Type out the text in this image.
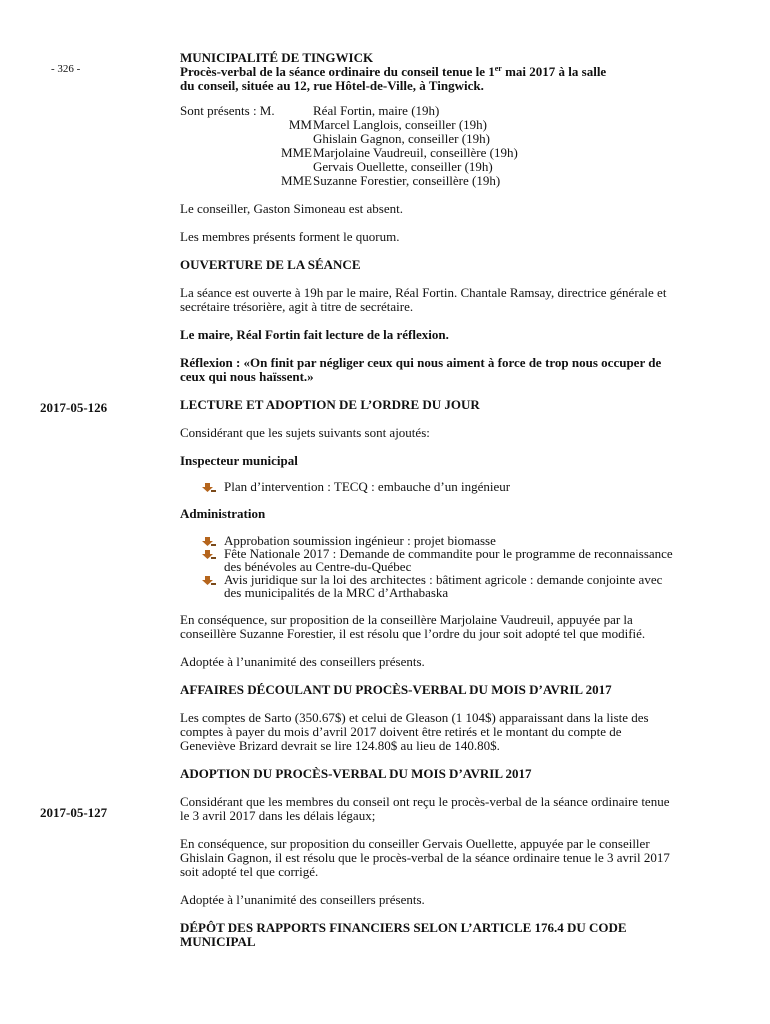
- 326 -
2017-05-126
2017-05-127

MUNICIPALITÉ DE TINGWICK

Procès-verbal de la séance ordinaire du conseil tenue le 1er mai 2017 à la salle

du conseil, située au 12, rue Hôtel-de-Ville, à Tingwick.

Sont présents : M.	Réal Fortin, maire (19h)
MM Marcel Langlois, conseiller (19h)
Ghislain Gagnon, conseiller (19h)
MME Marjolaine Vaudreuil, conseillère (19h)
Gervais Ouellette, conseiller (19h)
MME Suzanne Forestier, conseillère (19h)

Le conseiller, Gaston Simoneau est absent.

Les membres présents forment le quorum.

OUVERTURE DE LA SÉANCE

La séance est ouverte à 19h par le maire, Réal Fortin. Chantale Ramsay, directrice générale et secrétaire trésorière, agit à titre de secrétaire.

Le maire, Réal Fortin fait lecture de la réflexion.

Réflexion : «On finit par négliger ceux qui nous aiment à force de trop nous occuper de ceux qui nous haïssent.»

LECTURE ET ADOPTION DE L’ORDRE DU JOUR

Considérant que les sujets suivants sont ajoutés:

Inspecteur municipal

Plan d’intervention : TECQ : embauche d’un ingénieur

Administration

Approbation soumission ingénieur : projet biomasse
Fête Nationale 2017 : Demande de commandite pour le programme de reconnaissance des bénévoles au Centre-du-Québec
Avis juridique sur la loi des architectes : bâtiment agricole : demande conjointe avec des municipalités de la MRC d’Arthabaska

En conséquence, sur proposition de la conseillère Marjolaine Vaudreuil, appuyée par la conseillère Suzanne Forestier, il est résolu que l’ordre du jour soit adopté tel que modifié.

Adoptée à l’unanimité des conseillers présents.

AFFAIRES DÉCOULANT DU PROCÈS-VERBAL DU MOIS D’AVRIL 2017

Les comptes de Sarto (350.67$) et celui de Gleason (1 104$) apparaissant dans la liste des comptes à payer du mois d’avril 2017 doivent être retirés et le montant du compte de Geneviève Brizard devrait se lire 124.80$ au lieu de 140.80$.

ADOPTION DU PROCÈS-VERBAL DU MOIS D’AVRIL 2017

Considérant que les membres du conseil ont reçu le procès-verbal de la séance ordinaire tenue le 3 avril 2017 dans les délais légaux;

En conséquence, sur proposition du conseiller Gervais Ouellette, appuyée par le conseiller Ghislain Gagnon, il est résolu que le procès-verbal de la séance ordinaire tenue le 3 avril 2017 soit adopté tel que corrigé.

Adoptée à l’unanimité des conseillers présents.

DÉPÔT DES RAPPORTS FINANCIERS SELON L’ARTICLE 176.4 DU CODE MUNICIPAL
